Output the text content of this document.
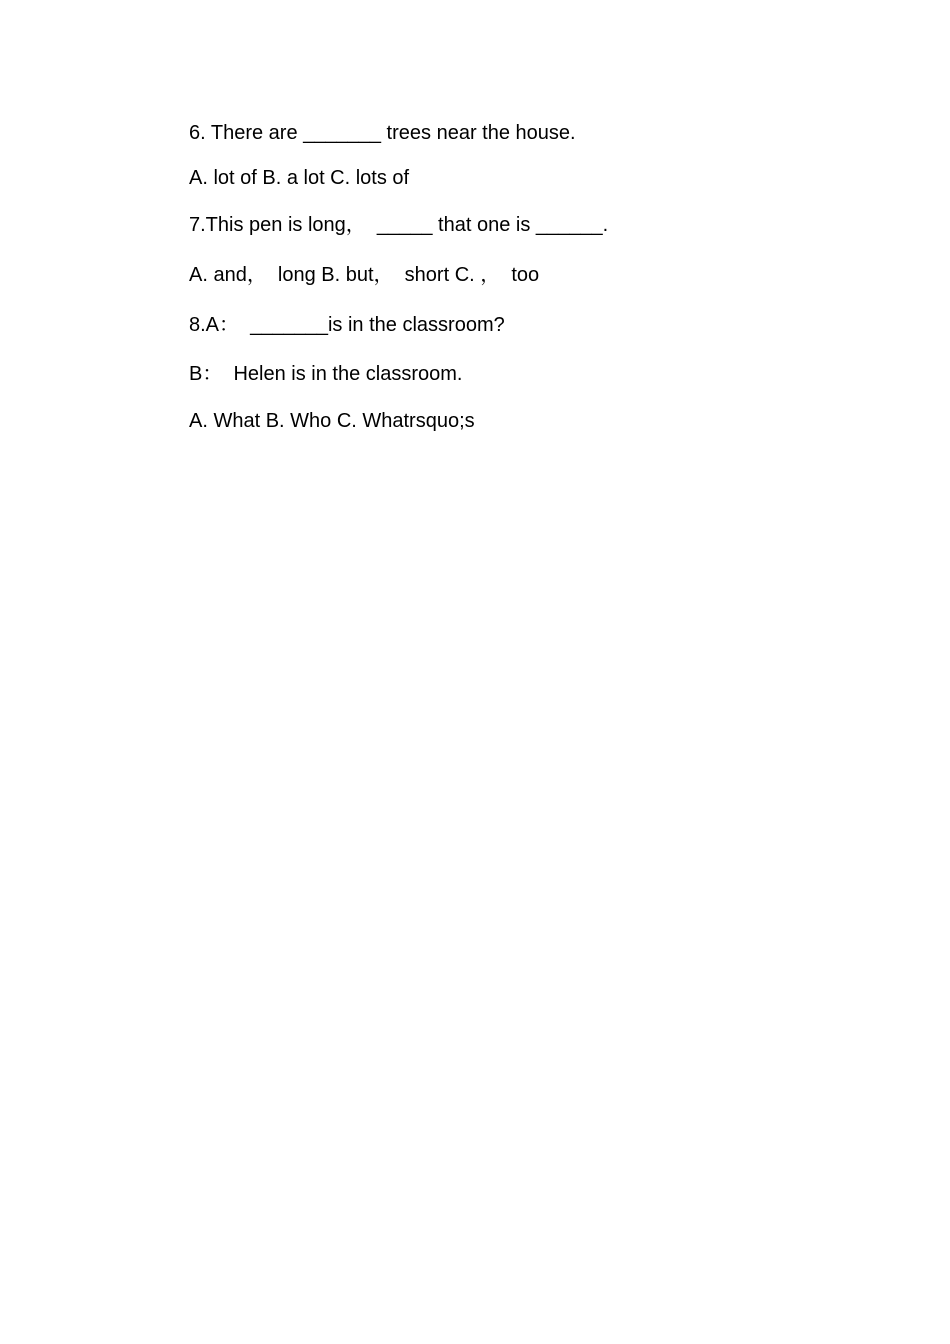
6. There are _______ trees near the house.

A. lot of B. a lot C. lots of

7.This pen is long，  _____ that one is ______.

A. and，  long B. but，  short C. ，  too

8.A：  _______is in the classroom?

B：  Helen is in the classroom.

A. What B. Who C. Whatrsquo;s
